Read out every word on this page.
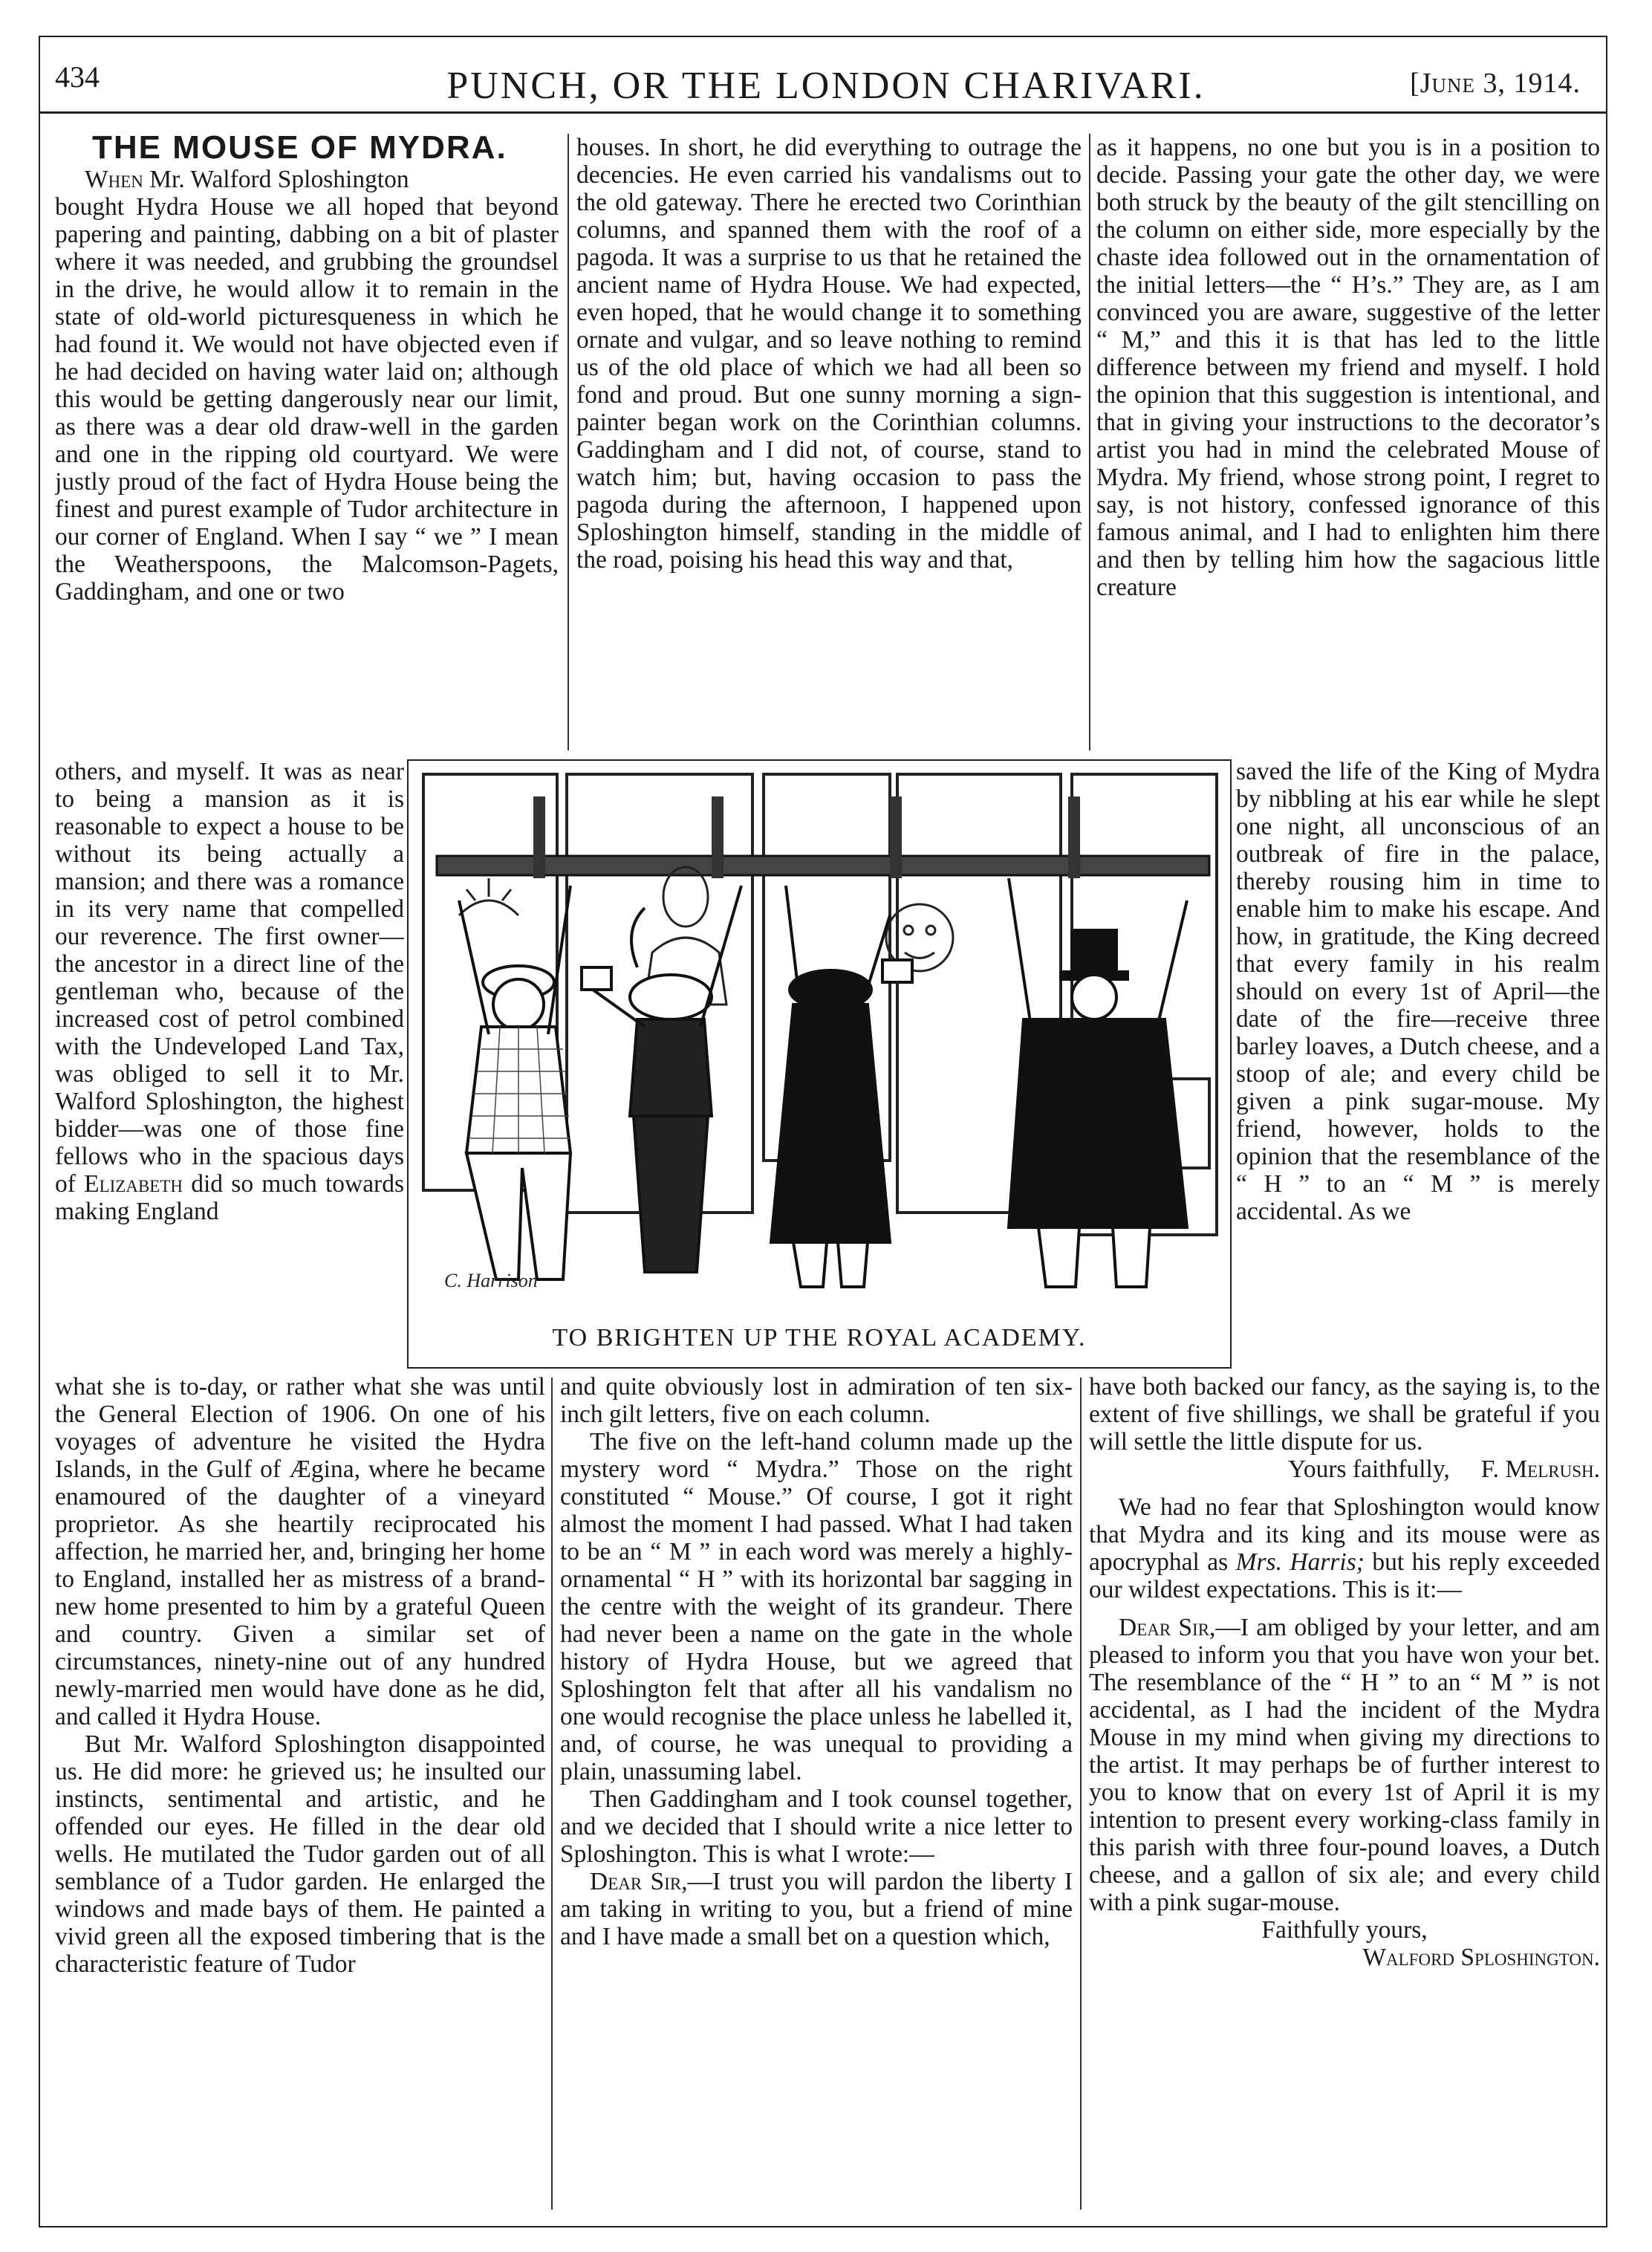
434	PUNCH, OR THE LONDON CHARIVARI.	[June 3, 1914.
THE MOUSE OF MYDRA.

When Mr. Walford Sploshington

bought Hydra House we all hoped that beyond papering and painting, dabbing on a bit of plaster where it was needed, and grubbing the groundsel in the drive, he would allow it to remain in the state of old-world picturesqueness in which he had found it. We would not have objected even if he had decided on having water laid on; although this would be getting dangerously near our limit, as there was a dear old draw-well in the garden and one in the ripping old courtyard. We were justly proud of the fact of Hydra House being the finest and purest example of Tudor architecture in our corner of England. When I say “ we ” I mean the Weatherspoons, the Malcomson-Pagets, Gaddingham, and one or two

others, and myself. It was as near to being a mansion as it is reasonable to expect a house to be without its being actually a mansion; and there was a romance in its very name that compelled our reverence. The first owner—the ancestor in a direct line of the gentleman who, because of the increased cost of petrol combined with the Undeveloped Land Tax, was obliged to sell it to Mr. Walford Sploshington, the highest bidder—was one of those fine fellows who in the spacious days of Elizabeth did so much towards making England

houses. In short, he did everything to outrage the decencies. He even carried his vandalisms out to the old gateway. There he erected two Corinthian columns, and spanned them with the roof of a pagoda. It was a surprise to us that he retained the ancient name of Hydra House. We had expected, even hoped, that he would change it to something ornate and vulgar, and so leave nothing to remind us of the old place of which we had all been so fond and proud. But one sunny morning a sign-painter began work on the Corinthian columns. Gaddingham and I did not, of course, stand to watch him; but, having occasion to pass the pagoda during the afternoon, I happened upon Sploshington himself, standing in the middle of the road, poising his head this way and that,

as it happens, no one but you is in a position to decide. Passing your gate the other day, we were both struck by the beauty of the gilt stencilling on the column on either side, more especially by the chaste idea followed out in the ornamentation of the initial letters—the “ H’s.” They are, as I am convinced you are aware, suggestive of the letter “ M,” and this it is that has led to the little difference between my friend and myself. I hold the opinion that this suggestion is intentional, and that in giving your instructions to the decorator’s artist you had in mind the celebrated Mouse of Mydra. My friend, whose strong point, I regret to say, is not history, confessed ignorance of this famous animal, and I had to enlighten him there and then by telling him how the sagacious little creature

saved the life of the King of Mydra by nibbling at his ear while he slept one night, all unconscious of an outbreak of fire in the palace, thereby rousing him in time to enable him to make his escape. And how, in gratitude, the King decreed that every family in his realm should on every 1st of April—the date of the fire—receive three barley loaves, a Dutch cheese, and a stoop of ale; and every child be given a pink sugar-mouse. My friend, however, holds to the opinion that the resemblance of the “ H ” to an “ M ” is merely accidental. As we

C. Harrison
TO BRIGHTEN UP THE ROYAL ACADEMY.

what she is to-day, or rather what she was until the General Election of 1906. On one of his voyages of adventure he visited the Hydra Islands, in the Gulf of Ægina, where he became enamoured of the daughter of a vineyard proprietor. As she heartily reciprocated his affection, he married her, and, bringing her home to England, installed her as mistress of a brand-new home presented to him by a grateful Queen and country. Given a similar set of circumstances, ninety-nine out of any hundred newly-married men would have done as he did, and called it Hydra House.

But Mr. Walford Sploshington disappointed us. He did more: he grieved us; he insulted our instincts, sentimental and artistic, and he offended our eyes. He filled in the dear old wells. He mutilated the Tudor garden out of all semblance of a Tudor garden. He enlarged the windows and made bays of them. He painted a vivid green all the exposed timbering that is the characteristic feature of Tudor

and quite obviously lost in admiration of ten six-inch gilt letters, five on each column.

The five on the left-hand column made up the mystery word “ Mydra.” Those on the right constituted “ Mouse.” Of course, I got it right almost the moment I had passed. What I had taken to be an “ M ” in each word was merely a highly-ornamental “ H ” with its horizontal bar sagging in the centre with the weight of its grandeur. There had never been a name on the gate in the whole history of Hydra House, but we agreed that Sploshington felt that after all his vandalism no one would recognise the place unless he labelled it, and, of course, he was unequal to providing a plain, unassuming label.

Then Gaddingham and I took counsel together, and we decided that I should write a nice letter to Sploshington. This is what I wrote:—

Dear Sir,—I trust you will pardon the liberty I am taking in writing to you, but a friend of mine and I have made a small bet on a question which,

have both backed our fancy, as the saying is, to the extent of five shillings, we shall be grateful if you will settle the little dispute for us.

Yours faithfully, F. Melrush.

We had no fear that Sploshington would know that Mydra and its king and its mouse were as apocryphal as Mrs. Harris; but his reply exceeded our wildest expectations. This is it:—

Dear Sir,—I am obliged by your letter, and am pleased to inform you that you have won your bet. The resemblance of the “ H ” to an “ M ” is not accidental, as I had the incident of the Mydra Mouse in my mind when giving my directions to the artist. It may perhaps be of further interest to you to know that on every 1st of April it is my intention to present every working-class family in this parish with three four-pound loaves, a Dutch cheese, and a gallon of six ale; and every child with a pink sugar-mouse.

Faithfully yours,

Walford Sploshington.
